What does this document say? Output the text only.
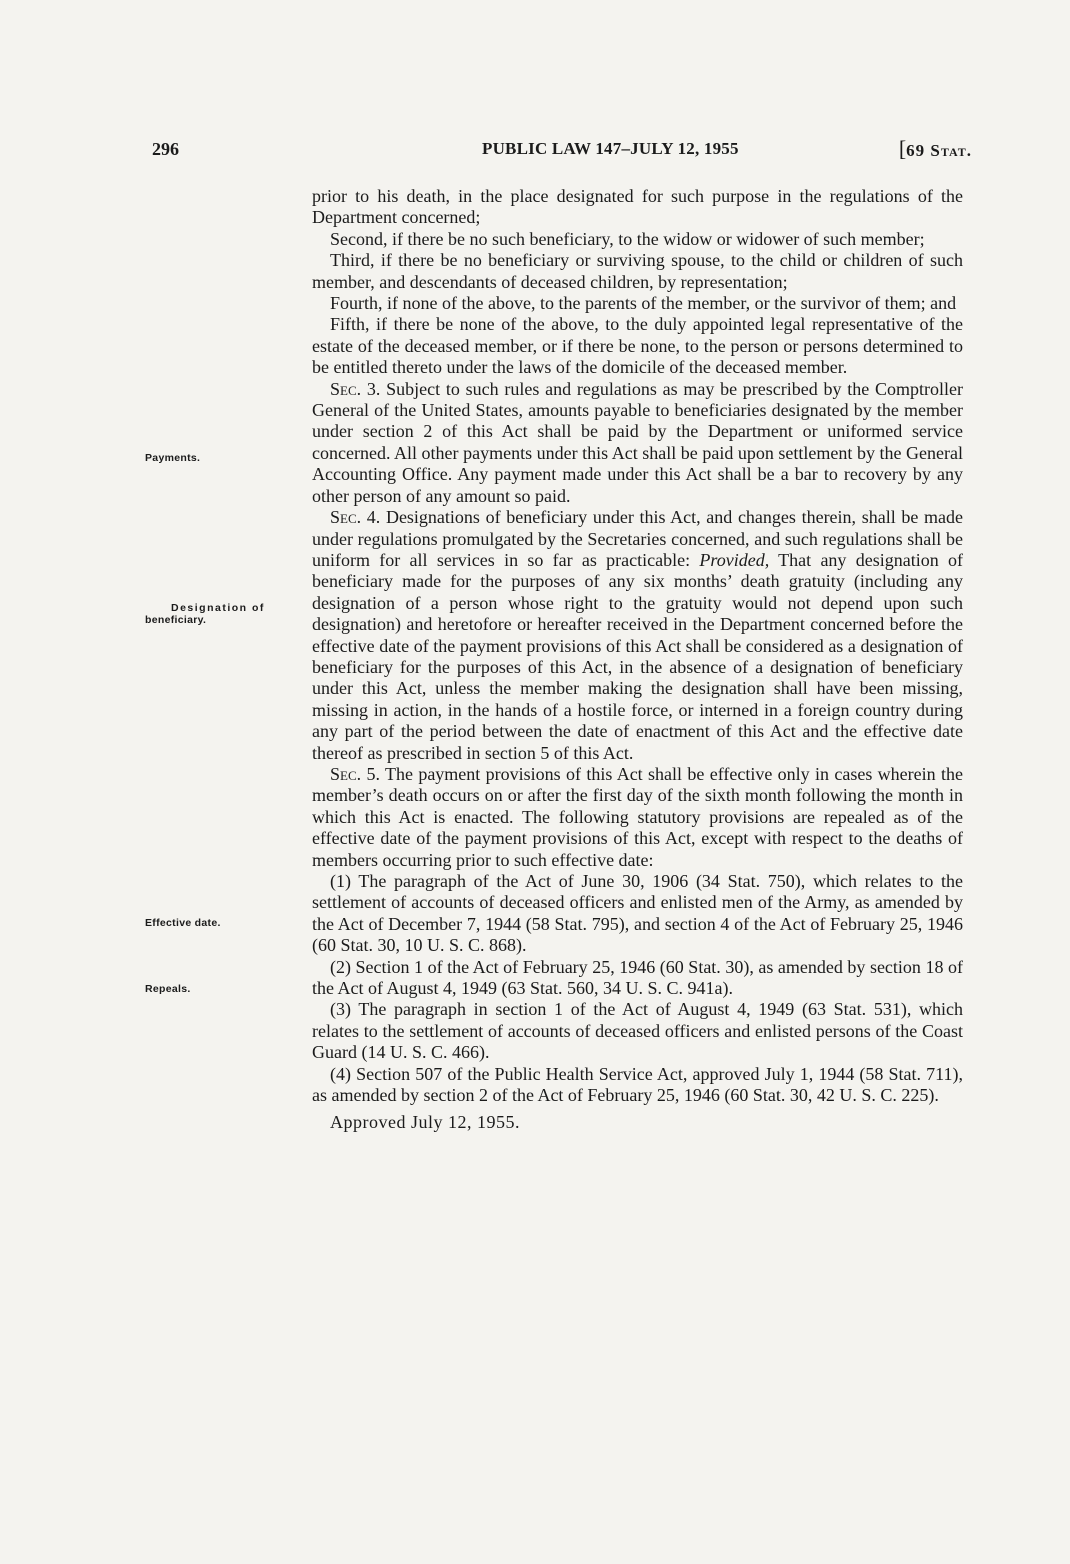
296	PUBLIC LAW 147–JULY 12, 1955	[69 Stat.
Payments.
Designation of
beneficiary.
Effective date.
Repeals.

prior to his death, in the place designated for such purpose in the regulations of the Department concerned;

Second, if there be no such beneficiary, to the widow or widower of such member;

Third, if there be no beneficiary or surviving spouse, to the child or children of such member, and descendants of deceased children, by representation;

Fourth, if none of the above, to the parents of the member, or the survivor of them; and

Fifth, if there be none of the above, to the duly appointed legal representative of the estate of the deceased member, or if there be none, to the person or persons determined to be entitled thereto under the laws of the domicile of the deceased member.

Sec. 3. Subject to such rules and regulations as may be prescribed by the Comptroller General of the United States, amounts payable to beneficiaries designated by the member under section 2 of this Act shall be paid by the Department or uniformed service concerned. All other payments under this Act shall be paid upon settlement by the General Accounting Office. Any payment made under this Act shall be a bar to recovery by any other person of any amount so paid.

Sec. 4. Designations of beneficiary under this Act, and changes therein, shall be made under regulations promulgated by the Secretaries concerned, and such regulations shall be uniform for all services in so far as practicable: Provided, That any designation of beneficiary made for the purposes of any six months’ death gratuity (including any designation of a person whose right to the gratuity would not depend upon such designation) and heretofore or hereafter received in the Department concerned before the effective date of the payment provisions of this Act shall be considered as a designation of beneficiary for the purposes of this Act, in the absence of a designation of beneficiary under this Act, unless the member making the designation shall have been missing, missing in action, in the hands of a hostile force, or interned in a foreign country during any part of the period between the date of enactment of this Act and the effective date thereof as prescribed in section 5 of this Act.

Sec. 5. The payment provisions of this Act shall be effective only in cases wherein the member’s death occurs on or after the first day of the sixth month following the month in which this Act is enacted. The following statutory provisions are repealed as of the effective date of the payment provisions of this Act, except with respect to the deaths of members occurring prior to such effective date:

(1) The paragraph of the Act of June 30, 1906 (34 Stat. 750), which relates to the settlement of accounts of deceased officers and enlisted men of the Army, as amended by the Act of December 7, 1944 (58 Stat. 795), and section 4 of the Act of February 25, 1946 (60 Stat. 30, 10 U. S. C. 868).

(2) Section 1 of the Act of February 25, 1946 (60 Stat. 30), as amended by section 18 of the Act of August 4, 1949 (63 Stat. 560, 34 U. S. C. 941a).

(3) The paragraph in section 1 of the Act of August 4, 1949 (63 Stat. 531), which relates to the settlement of accounts of deceased officers and enlisted persons of the Coast Guard (14 U. S. C. 466).

(4) Section 507 of the Public Health Service Act, approved July 1, 1944 (58 Stat. 711), as amended by section 2 of the Act of February 25, 1946 (60 Stat. 30, 42 U. S. C. 225).

Approved July 12, 1955.
